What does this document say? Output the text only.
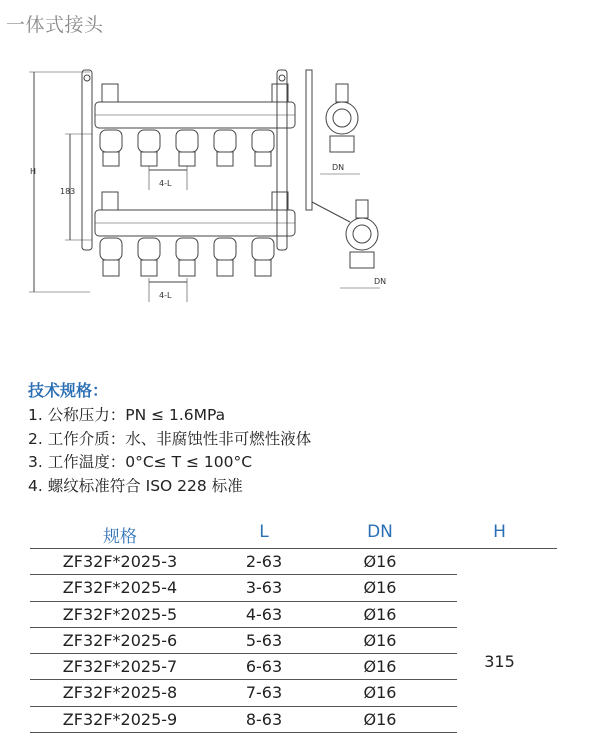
一体式接头
H
183
4-L
4-L
DN
DN
技术规格：
1. 公称压力：PN ≤ 1.6MPa
2. 工作介质：水、非腐蚀性非可燃性液体
3. 工作温度：0°C≤ T ≤ 100°C
4. 螺纹标准符合 ISO 228 标准
规格	L	DN	H
ZF32F*2025-3	2-63	Ø16
ZF32F*2025-4	3-63	Ø16
ZF32F*2025-5	4-63	Ø16
ZF32F*2025-6	5-63	Ø16
ZF32F*2025-7	6-63	Ø16
ZF32F*2025-8	7-63	Ø16
ZF32F*2025-9	8-63	Ø16
315
